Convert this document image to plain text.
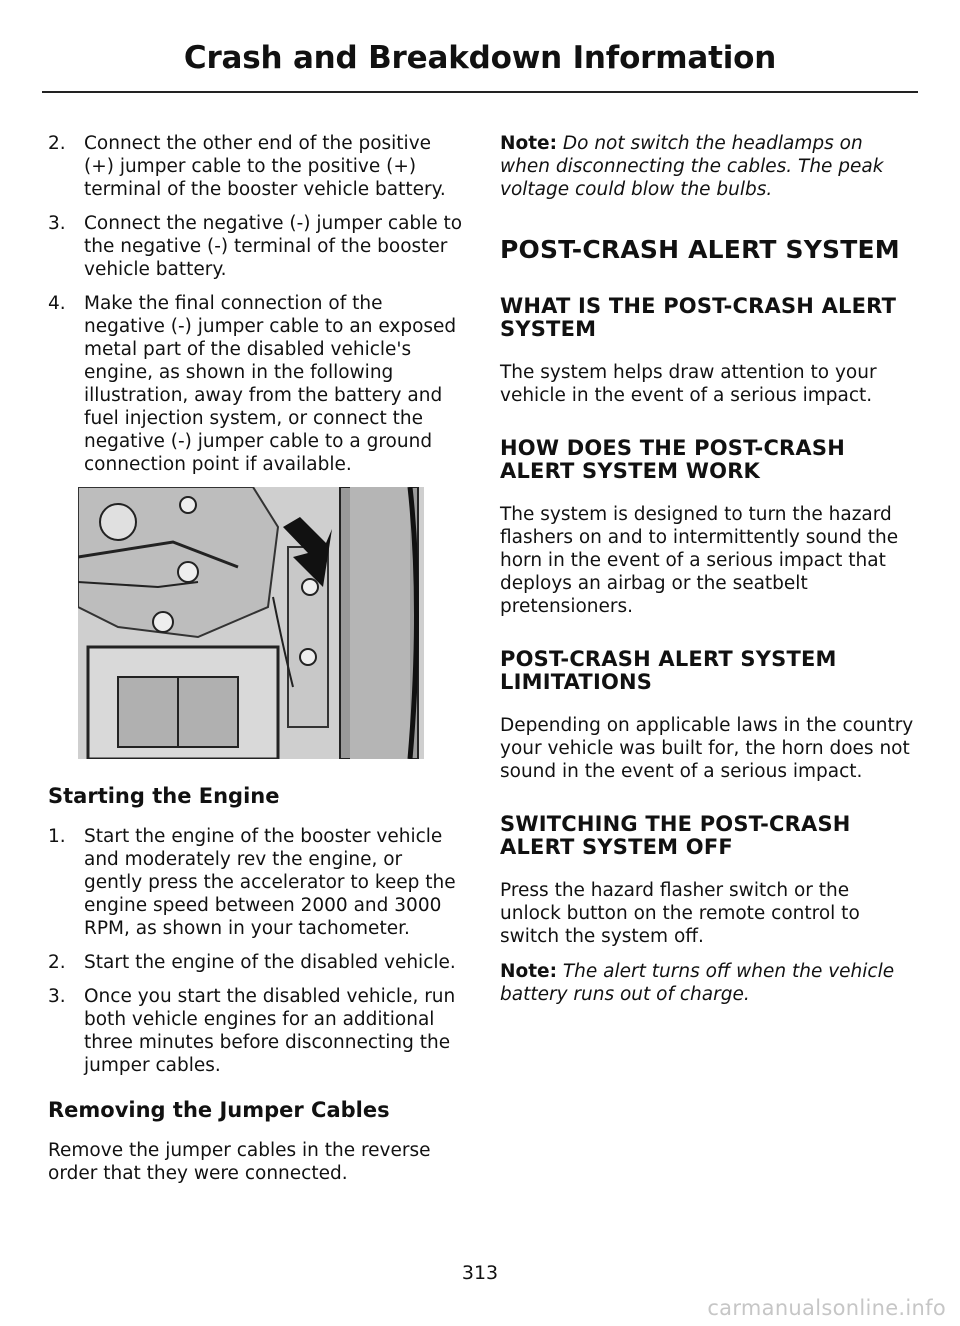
Crash and Breakdown Information
2. Connect the other end of the positive (+) jumper cable to the positive (+) terminal of the booster vehicle battery.
3. Connect the negative (-) jumper cable to the negative (-) terminal of the booster vehicle battery.
4. Make the final connection of the negative (-) jumper cable to an exposed metal part of the disabled vehicle's engine, as shown in the following illustration, away from the battery and fuel injection system, or connect the negative (-) jumper cable to a ground connection point if available.
Starting the Engine
1. Start the engine of the booster vehicle and moderately rev the engine, or gently press the accelerator to keep the engine speed between 2000 and 3000 RPM, as shown in your tachometer.
2. Start the engine of the disabled vehicle.
3. Once you start the disabled vehicle, run both vehicle engines for an additional three minutes before disconnecting the jumper cables.
Removing the Jumper Cables

Remove the jumper cables in the reverse order that they were connected.

Note: Do not switch the headlamps on when disconnecting the cables. The peak voltage could blow the bulbs.

POST-CRASH ALERT SYSTEM
WHAT IS THE POST-CRASH ALERT SYSTEM

The system helps draw attention to your vehicle in the event of a serious impact.

HOW DOES THE POST-CRASH ALERT SYSTEM WORK

The system is designed to turn the hazard flashers on and to intermittently sound the horn in the event of a serious impact that deploys an airbag or the seatbelt pretensioners.

POST-CRASH ALERT SYSTEM LIMITATIONS

Depending on applicable laws in the country your vehicle was built for, the horn does not sound in the event of a serious impact.

SWITCHING THE POST-CRASH ALERT SYSTEM OFF

Press the hazard flasher switch or the unlock button on the remote control to switch the system off.

Note: The alert turns off when the vehicle battery runs out of charge.

313
carmanualsonline.info
